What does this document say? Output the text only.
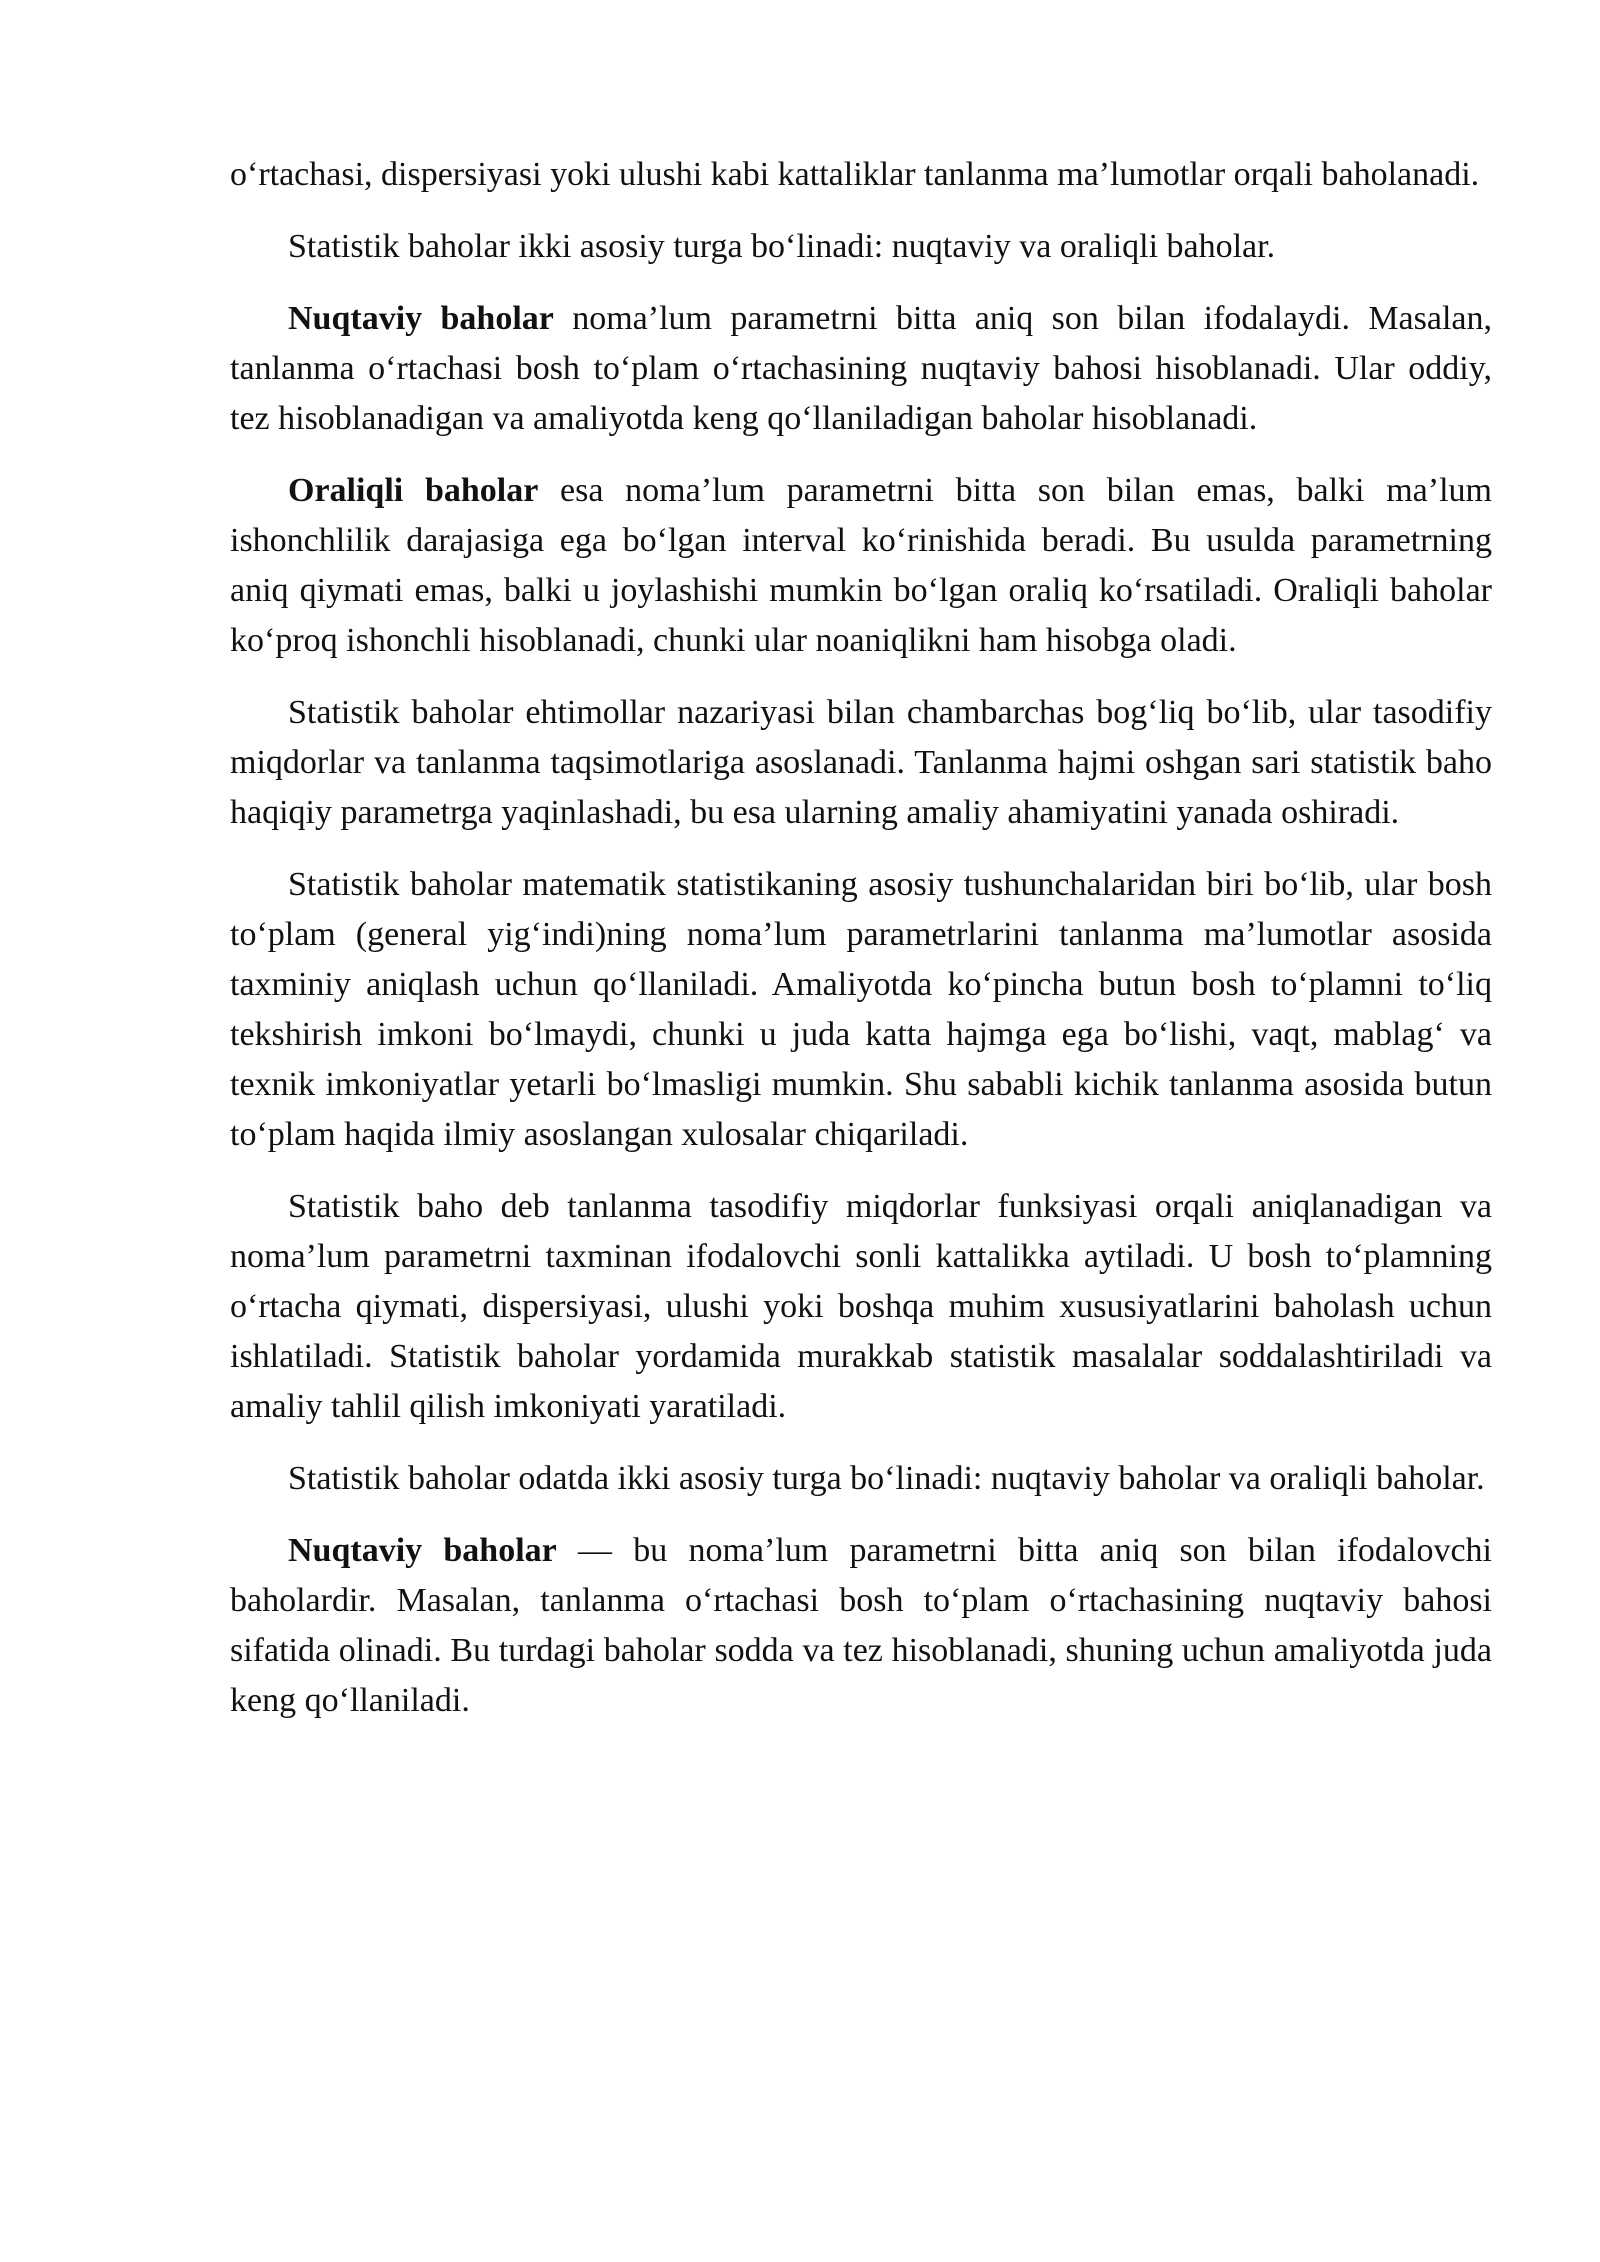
o‘rtachasi, dispersiyasi yoki ulushi kabi kattaliklar tanlanma ma’lumotlar orqali baholanadi.

Statistik baholar ikki asosiy turga bo‘linadi: nuqtaviy va oraliqli baholar.

Nuqtaviy baholar noma’lum parametrni bitta aniq son bilan ifodalaydi. Masalan, tanlanma o‘rtachasi bosh to‘plam o‘rtachasining nuqtaviy bahosi hisoblanadi. Ular oddiy, tez hisoblanadigan va amaliyotda keng qo‘llaniladigan baholar hisoblanadi.

Oraliqli baholar esa noma’lum parametrni bitta son bilan emas, balki ma’lum ishonchlilik darajasiga ega bo‘lgan interval ko‘rinishida beradi. Bu usulda parametrning aniq qiymati emas, balki u joylashishi mumkin bo‘lgan oraliq ko‘rsatiladi. Oraliqli baholar ko‘proq ishonchli hisoblanadi, chunki ular noaniqlikni ham hisobga oladi.

Statistik baholar ehtimollar nazariyasi bilan chambarchas bog‘liq bo‘lib, ular tasodifiy miqdorlar va tanlanma taqsimotlariga asoslanadi. Tanlanma hajmi oshgan sari statistik baho haqiqiy parametrga yaqinlashadi, bu esa ularning amaliy ahamiyatini yanada oshiradi.

Statistik baholar matematik statistikaning asosiy tushunchalaridan biri bo‘lib, ular bosh to‘plam (general yig‘indi)ning noma’lum parametrlarini tanlanma ma’lumotlar asosida taxminiy aniqlash uchun qo‘llaniladi. Amaliyotda ko‘pincha butun bosh to‘plamni to‘liq tekshirish imkoni bo‘lmaydi, chunki u juda katta hajmga ega bo‘lishi, vaqt, mablag‘ va texnik imkoniyatlar yetarli bo‘lmasligi mumkin. Shu sababli kichik tanlanma asosida butun to‘plam haqida ilmiy asoslangan xulosalar chiqariladi.

Statistik baho deb tanlanma tasodifiy miqdorlar funksiyasi orqali aniqlanadigan va noma’lum parametrni taxminan ifodalovchi sonli kattalikka aytiladi. U bosh to‘plamning o‘rtacha qiymati, dispersiyasi, ulushi yoki boshqa muhim xususiyatlarini baholash uchun ishlatiladi. Statistik baholar yordamida murakkab statistik masalalar soddalashtiriladi va amaliy tahlil qilish imkoniyati yaratiladi.

Statistik baholar odatda ikki asosiy turga bo‘linadi: nuqtaviy baholar va oraliqli baholar.

Nuqtaviy baholar — bu noma’lum parametrni bitta aniq son bilan ifodalovchi baholardir. Masalan, tanlanma o‘rtachasi bosh to‘plam o‘rtachasining nuqtaviy bahosi sifatida olinadi. Bu turdagi baholar sodda va tez hisoblanadi, shuning uchun amaliyotda juda keng qo‘llaniladi.
